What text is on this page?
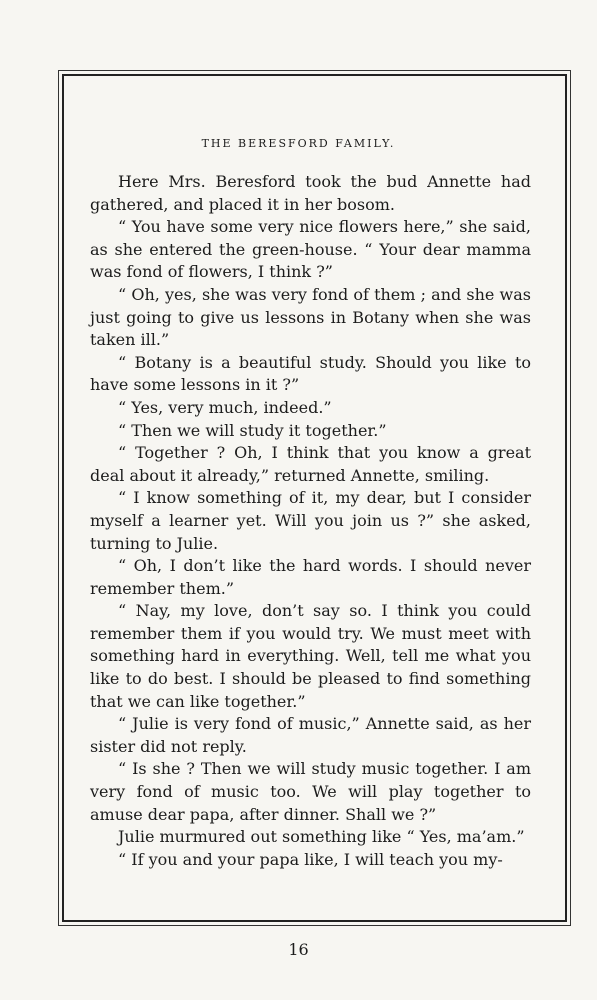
THE BERESFORD FAMILY.

Here Mrs. Beresford took the bud Annette had gathered, and placed it in her bosom.

“ You have some very nice flowers here,” she said, as she entered the green-house. “ Your dear mamma was fond of flowers, I think ?”

“ Oh, yes, she was very fond of them ; and she was just going to give us lessons in Botany when she was taken ill.”

“ Botany is a beautiful study. Should you like to have some lessons in it ?”

“ Yes, very much, indeed.”

“ Then we will study it together.”

“ Together ? Oh, I think that you know a great deal about it already,” returned Annette, smiling.

“ I know something of it, my dear, but I consider myself a learner yet. Will you join us ?” she asked, turning to Julie.

“ Oh, I don’t like the hard words. I should never remember them.”

“ Nay, my love, don’t say so. I think you could remember them if you would try. We must meet with something hard in everything. Well, tell me what you like to do best. I should be pleased to find something that we can like together.”

“ Julie is very fond of music,” Annette said, as her sister did not reply.

“ Is she ? Then we will study music together. I am very fond of music too. We will play together to amuse dear papa, after dinner. Shall we ?”

Julie murmured out something like “ Yes, ma’am.”

“ If you and your papa like, I will teach you my-

16
